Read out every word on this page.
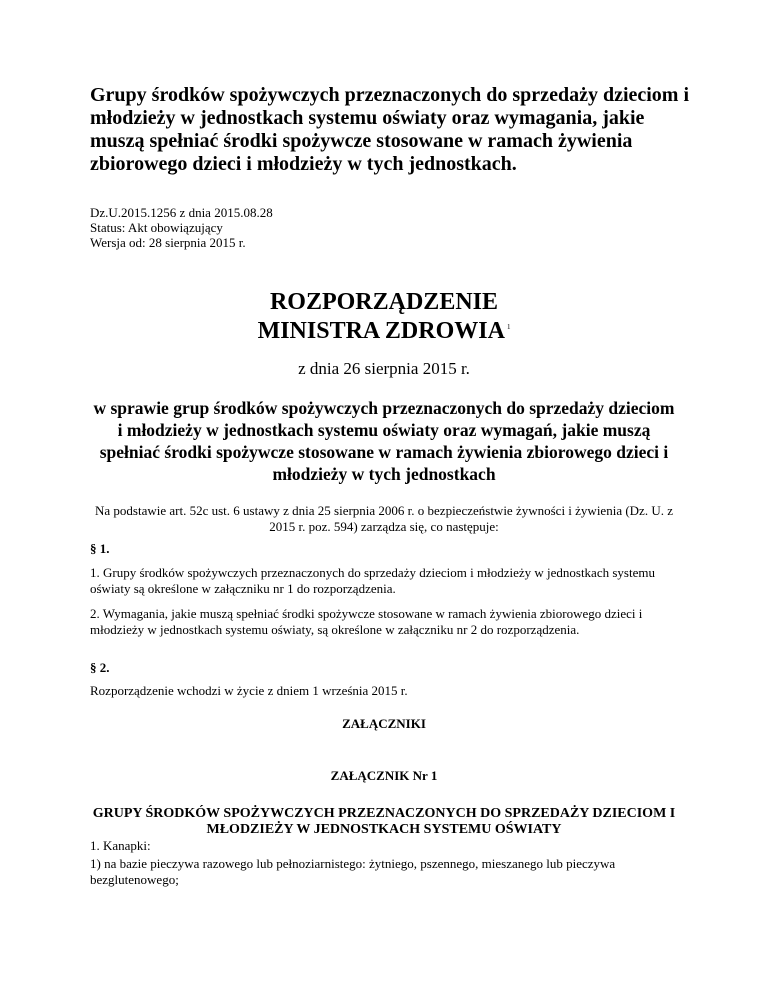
Grupy środków spożywczych przeznaczonych do sprzedaży dzieciom i młodzieży w jednostkach systemu oświaty oraz wymagania, jakie muszą spełniać środki spożywcze stosowane w ramach żywienia zbiorowego dzieci i młodzieży w tych jednostkach.
Dz.U.2015.1256 z dnia 2015.08.28
Status: Akt obowiązujący
Wersja od: 28 sierpnia 2015 r.
ROZPORZĄDZENIE
MINISTRA ZDROWIA $^1$
z dnia 26 sierpnia 2015 r.
w sprawie grup środków spożywczych przeznaczonych do sprzedaży dzieciom i młodzieży w jednostkach systemu oświaty oraz wymagań, jakie muszą spełniać środki spożywcze stosowane w ramach żywienia zbiorowego dzieci i młodzieży w tych jednostkach
Na podstawie art. 52c ust. 6 ustawy z dnia 25 sierpnia 2006 r. o bezpieczeństwie żywności i żywienia (Dz. U. z 2015 r. poz. 594) zarządza się, co następuje:
§ 1.
1. Grupy środków spożywczych przeznaczonych do sprzedaży dzieciom i młodzieży w jednostkach systemu oświaty są określone w załączniku nr 1 do rozporządzenia.
2. Wymagania, jakie muszą spełniać środki spożywcze stosowane w ramach żywienia zbiorowego dzieci i młodzieży w jednostkach systemu oświaty, są określone w załączniku nr 2 do rozporządzenia.
§ 2.
Rozporządzenie wchodzi w życie z dniem 1 września 2015 r.
ZAŁĄCZNIKI
ZAŁĄCZNIK Nr 1
GRUPY ŚRODKÓW SPOŻYWCZYCH PRZEZNACZONYCH DO SPRZEDAŻY DZIECIOM I MŁODZIEŻY W JEDNOSTKACH SYSTEMU OŚWIATY
1. Kanapki:
1) na bazie pieczywa razowego lub pełnoziarnistego: żytniego, pszennego, mieszanego lub pieczywa bezglutenowego;
